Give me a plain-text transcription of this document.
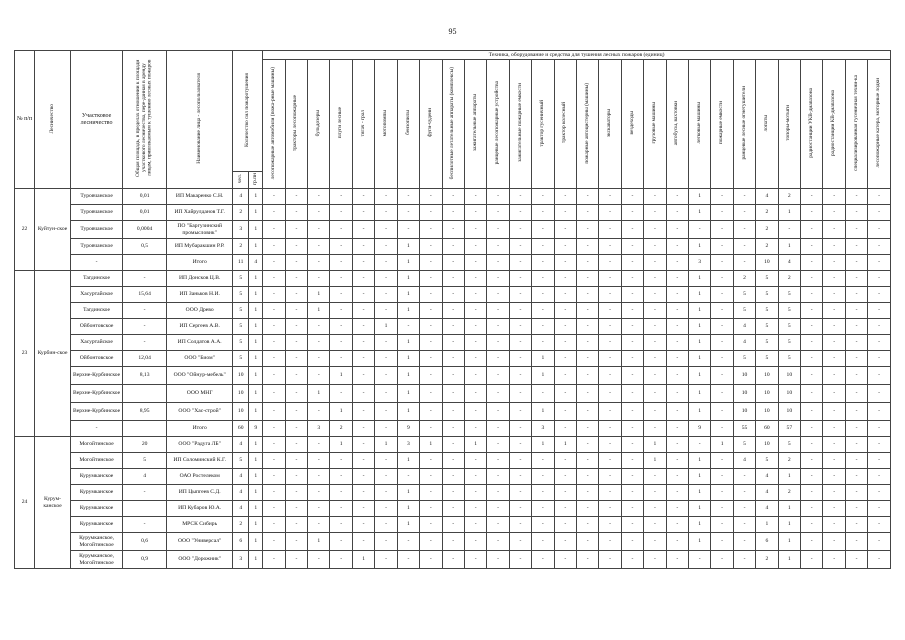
95
№ п/п	Лесничество	Участковое лесничество	Общая площадь, в пределах отношении к площади участкового лесничества, пере-данная в аренду лицам, привлекаемым к тушению лесных пожаров	Наименование лица - лесопользователя	Количество сил пожаротушения		Техника, оборудование и средства для тушения лесных пожаров (единиц)																											
							лесопожарные автомобили (пожа-рные машины)	тракторы лесопожарные	бульдозеры	плуги лесные	тягач - грал	мотопомпы	бензопилы	фуги-чудени	беспилотные летательные аппараты (комплексы)	зажигательные аппараты	ранцевые лесопожарные устройства	зажигательные пожарные емкости	трактор гусеничный	трактор колесный	пожарные автоцистерны (машины)	экскаваторы	вездеходы	грузовые машины	автобусы, вахтовки	легковые машины	пожарные емкости	ранцевые лесные огнетушители	лопаты	топоры-мотыги	радиостанции УКВ-диапазона	радиостанции КВ-диапазона	специализированная гусеничная техни-ка	лесопожарные катера, моторные лодки
					чел.	гр.пн																												
22	Куйтун-ское	Туровчанское	0,01	ИП Макаренко С.Н.	4	1	-	-	-	-	-	-	-	-	-	-	-	-	-	-	-	-	-	-	-	1	-	-	4	2	-	-	-	-
		Туровчанское	0,01	ИП Хайрулданов Т.Г.	2	1	-	-	-	-	-	-	-	-	-	-	-	-	-	-	-	-	-	-	-	1	-	-	2	1	-	-	-	-
		Туровчанское	0,0004	ПО "Баргузинский промысловик"	3	1	-	-	-	-	-	-	-	-	-	-	-	-	-	-	-	-	-	-	-	-	-	-	2	-	-	-	-	-
		Туровчанское	0,5	ИП Мубаракшин Р.Р.	2	1	-	-	-	-	-	-	1	-	-	-	-	-	-	-	-	-	-	-	-	1	-	-	2	1	-	-	-	-
		-		Итого	11	4	-	-	-	-	-	-	1	-	-	-	-	-	-	-	-	-	-	-	-	3	-	-	10	4	-	-	-	-
23	Курбин-ское	Тагдинское	-	ИП Донсков Ц.В.	5	1	-	-	-	-	-	-	1	-	-	-	-	-	-	-	-	-	-	-	-	1	-	2	5	2	-	-	-	-
		Хасуртайское	15,64	ИП Заньков Н.И.	5	1	-	-	1	-	-	-	1	-	-	-	-	-	-	-	-	-	-	-	-	1	-	5	5	5	-	-	-	-
		Тагдинское	-	ООО Древо	5	1	-	-	1	-	-	-	1	-	-	-	-	-	-	-	-	-	-	-	-	1	-	5	5	5	-	-	-	-
		Ойбонтовское	-	ИП Сергеев А.В.	5	1	-	-	-	-	-	1	-	-	-	-	-	-	-	-	-	-	-	-	-	1	-	4	5	5	-	-	-	-
		Хасуртайское	-	ИП Солдатов А.А.	5	1	-	-	-	-	-	-	1	-	-	-	-	-	-	-	-	-	-	-	-	1	-	4	5	5	-	-	-	-
		Ойбонтовское	12,04	ООО "Биом"	5	1	-	-	-	-	-	-	1	-	-	-	-	-	1	-	-	-	-	-	-	1	-	5	5	5	-	-	-	-
		Верхне-Курбинское	8,13	ООО "Ойнур-мебель"	10	1	-	-	-	1	-	-	1	-	-	-	-	-	1	-	-	-	-	-	-	1	-	10	10	10	-	-	-	-
		Верхне-Курбинское		ООО МНГ	10	1	-	-	1	-	-	-	1	-	-	-	-	-	-	-	-	-	-	-	-	1	-	10	10	10	-	-	-	-
		Верхне-Курбинское	8,95	ООО "Хас-строй"	10	1	-	-	-	1	-	-	1	-	-	-	-	-	1	-	-	-	-	-	-	1	-	10	10	10	-	-	-	-
		-		Итого	60	9	-	-	3	2	-	-	9	-	-	-	-	-	3	-	-	-	-	-	-	9	-	55	60	57	-	-	-	-
24	Курум-канское	Могойтинское	20	ООО "Радуга ЛБ"	4	1	-	-	-	1	-	1	3	1	-	1	-	-	1	1	-	-	-	1	-	-	1	5	10	5	-	-	-	-
		Могойтинское	5	ИП Соломинский К.Г.	5	1	-	-	-	-	-	-	1	-	-	-	-	-	-	-	-	-	-	1	-	1	-	4	5	2	-	-	-	-
		Курумканское	4	ОАО Ростелеком	4	1	-	-	-	-	-	-	-	-	-	-	-	-	-	-	-	-	-	-	-	1	-	-	4	1	-	-	-	-
		Курумканское	-	ИП Цыпгеев С.Д.	4	1	-	-	-	-	-	-	1	-	-	-	-	-	-	-	-	-	-	-	-	1	-	-	4	2	-	-	-	-
		Курумканское		ИП Кубаров Ю.А.	4	1	-	-	-	-	-	-	1	-	-	-	-	-	-	-	-	-	-	-	-	1	-	-	4	1	-	-	-	-
		Курумканское	-	МРСК Сибирь	2	1	-	-	-	-	-	-	1	-	-	-	-	-	-	-	-	-	-	-	-	1	-	-	1	1	-	-	-	-
		Курумканское, Могойтинское	0,6	ООО "Универсал"	6	1	-	-	1	-	-	-	-	-	-	-	-	-	-	-	-	-	-	-	-	1	-	-	6	1	-	-	-	-
		Курумканское, Могойтинское	0,9	ООО "Дорожник"	3	1	-	-	-	-	1	-	-	-	-	-	-	-	-	-	-	-	-	-	-	-	-	-	2	1	-	-	-	-
